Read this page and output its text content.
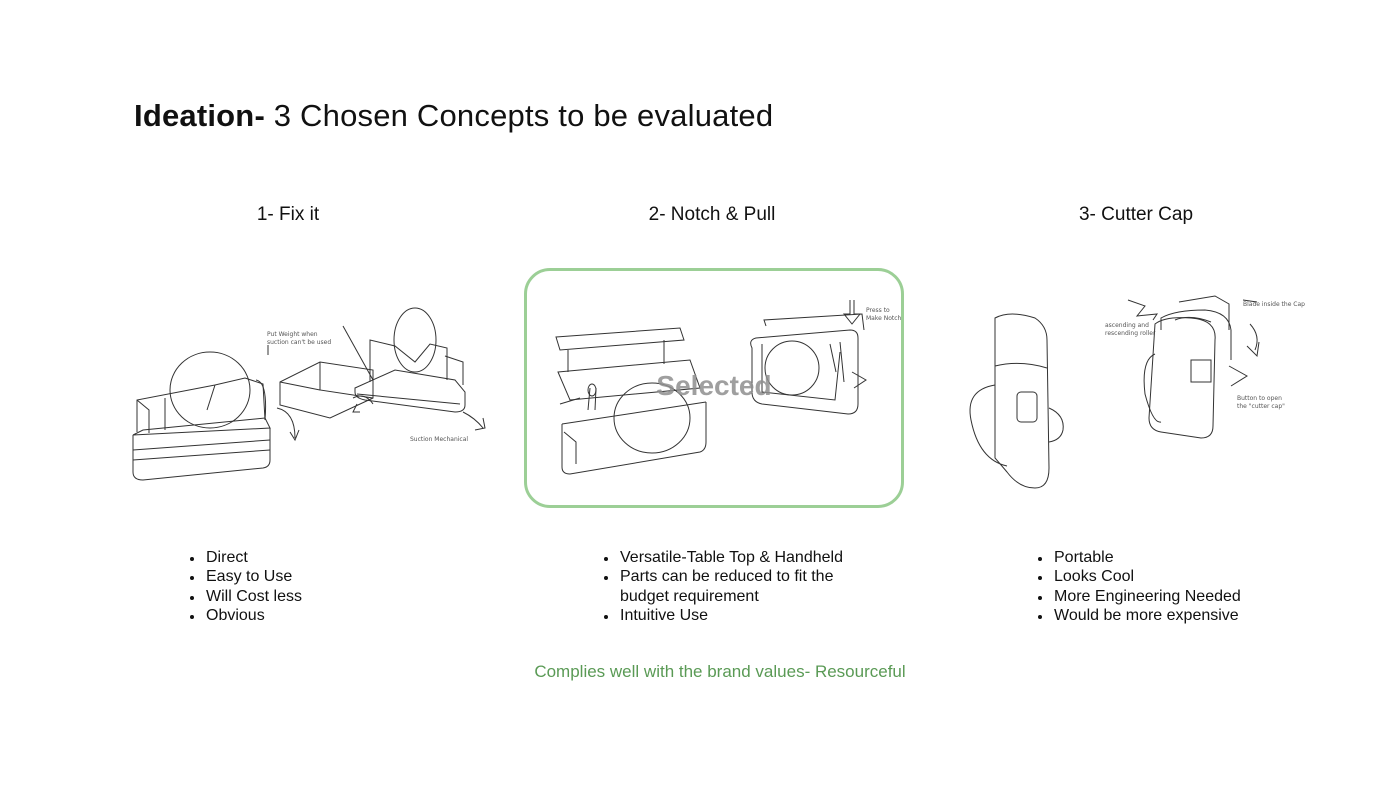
Ideation- 3 Chosen Concepts to be evaluated
1- Fix it	2- Notch & Pull	3- Cutter Cap
Put Weight when
suction can't be used
Suction Mechanical
Press to
Make Notch
Selected
Blade inside the Cap
ascending and
rescending roller
Button to open
the "cutter cap"
• Direct
• Easy to Use
• Will Cost less
• Obvious
• Versatile-Table Top & Handheld
• Parts can be reduced to fit the budget requirement
• Intuitive Use
• Portable
• Looks Cool
• More Engineering Needed
• Would be more expensive
Complies well with the brand values- Resourceful
